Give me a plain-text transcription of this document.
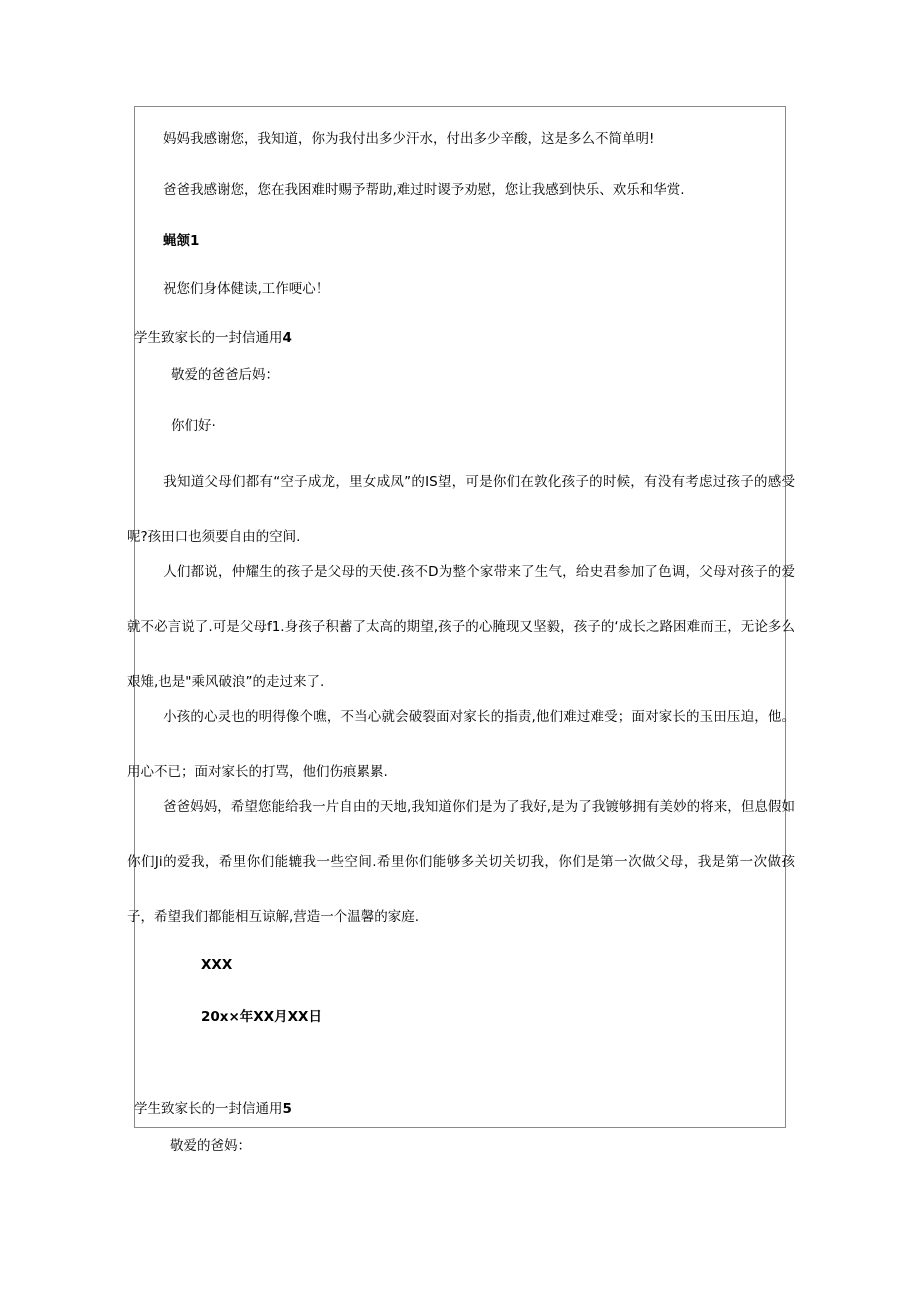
妈妈我感谢您，我知道，你为我付出多少汗水，付出多少辛酸，这是多么不简单明!
爸爸我感谢您，您在我困难时赐予帮助,难过时谡予劝慰，您让我感到快乐、欢乐和华赏.
蝇颔1
祝您们身体健读,工作哽心！
学生致家长的一封信通用4
敬爱的爸爸后妈：
你们好·
我知道父母们都有“空子成龙，里女成凤”的IS望，可是你们在敦化孩子的时候，有没有考虑过孩子的感受呢?孩田口也须要自由的空间.
人们都说，仲耀生的孩子是父母的天使.孩不D为整个家带来了生气，给史君参加了色调，父母对孩子的爱就不必言说了.可是父母f1.身孩子积蓄了太高的期望,孩子的心腌现又坚毅，孩子的‘成长之路困难而王，无论多么艰雉,也是"乘风破浪”的走过来了.
小孩的心灵也的明得像个噍，不当心就会破裂面对家长的指责,他们难过难受；面对家长的玉田压迫，他。用心不已；面对家长的打骂，他们伤痕累累.
爸爸妈妈，希望您能给我一片自由的天地,我知道你们是为了我好,是为了我镀够拥有美妙的将来，但息假如你们Ji的爱我，希里你们能辘我一些空间.希里你们能够多关切关切我，你们是第一次做父母，我是第一次做孩子，希望我们都能相互谅解,营造一个温馨的家庭.
XXX
20x×年XX月XX日
学生致家长的一封信通用5
敬爱的爸妈：
